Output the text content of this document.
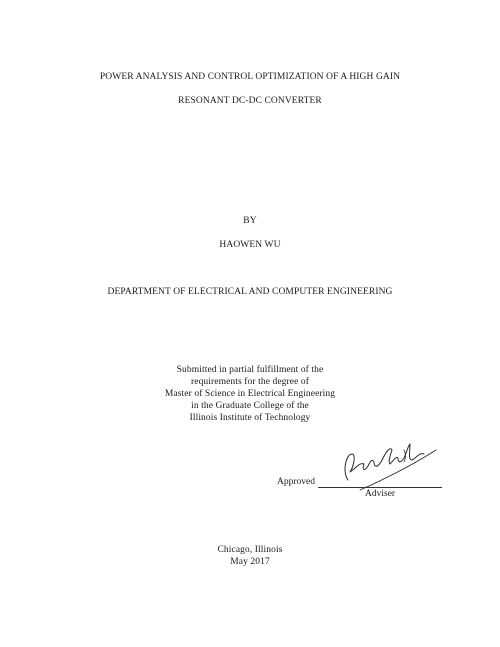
POWER ANALYSIS AND CONTROL OPTIMIZATION OF A HIGH GAIN
RESONANT DC-DC CONVERTER
BY
HAOWEN WU
DEPARTMENT OF ELECTRICAL AND COMPUTER ENGINEERING
Submitted in partial fulfillment of the
requirements for the degree of
Master of Science in Electrical Engineering
in the Graduate College of the
Illinois Institute of Technology
Approved
Adviser
Chicago, Illinois
May 2017
